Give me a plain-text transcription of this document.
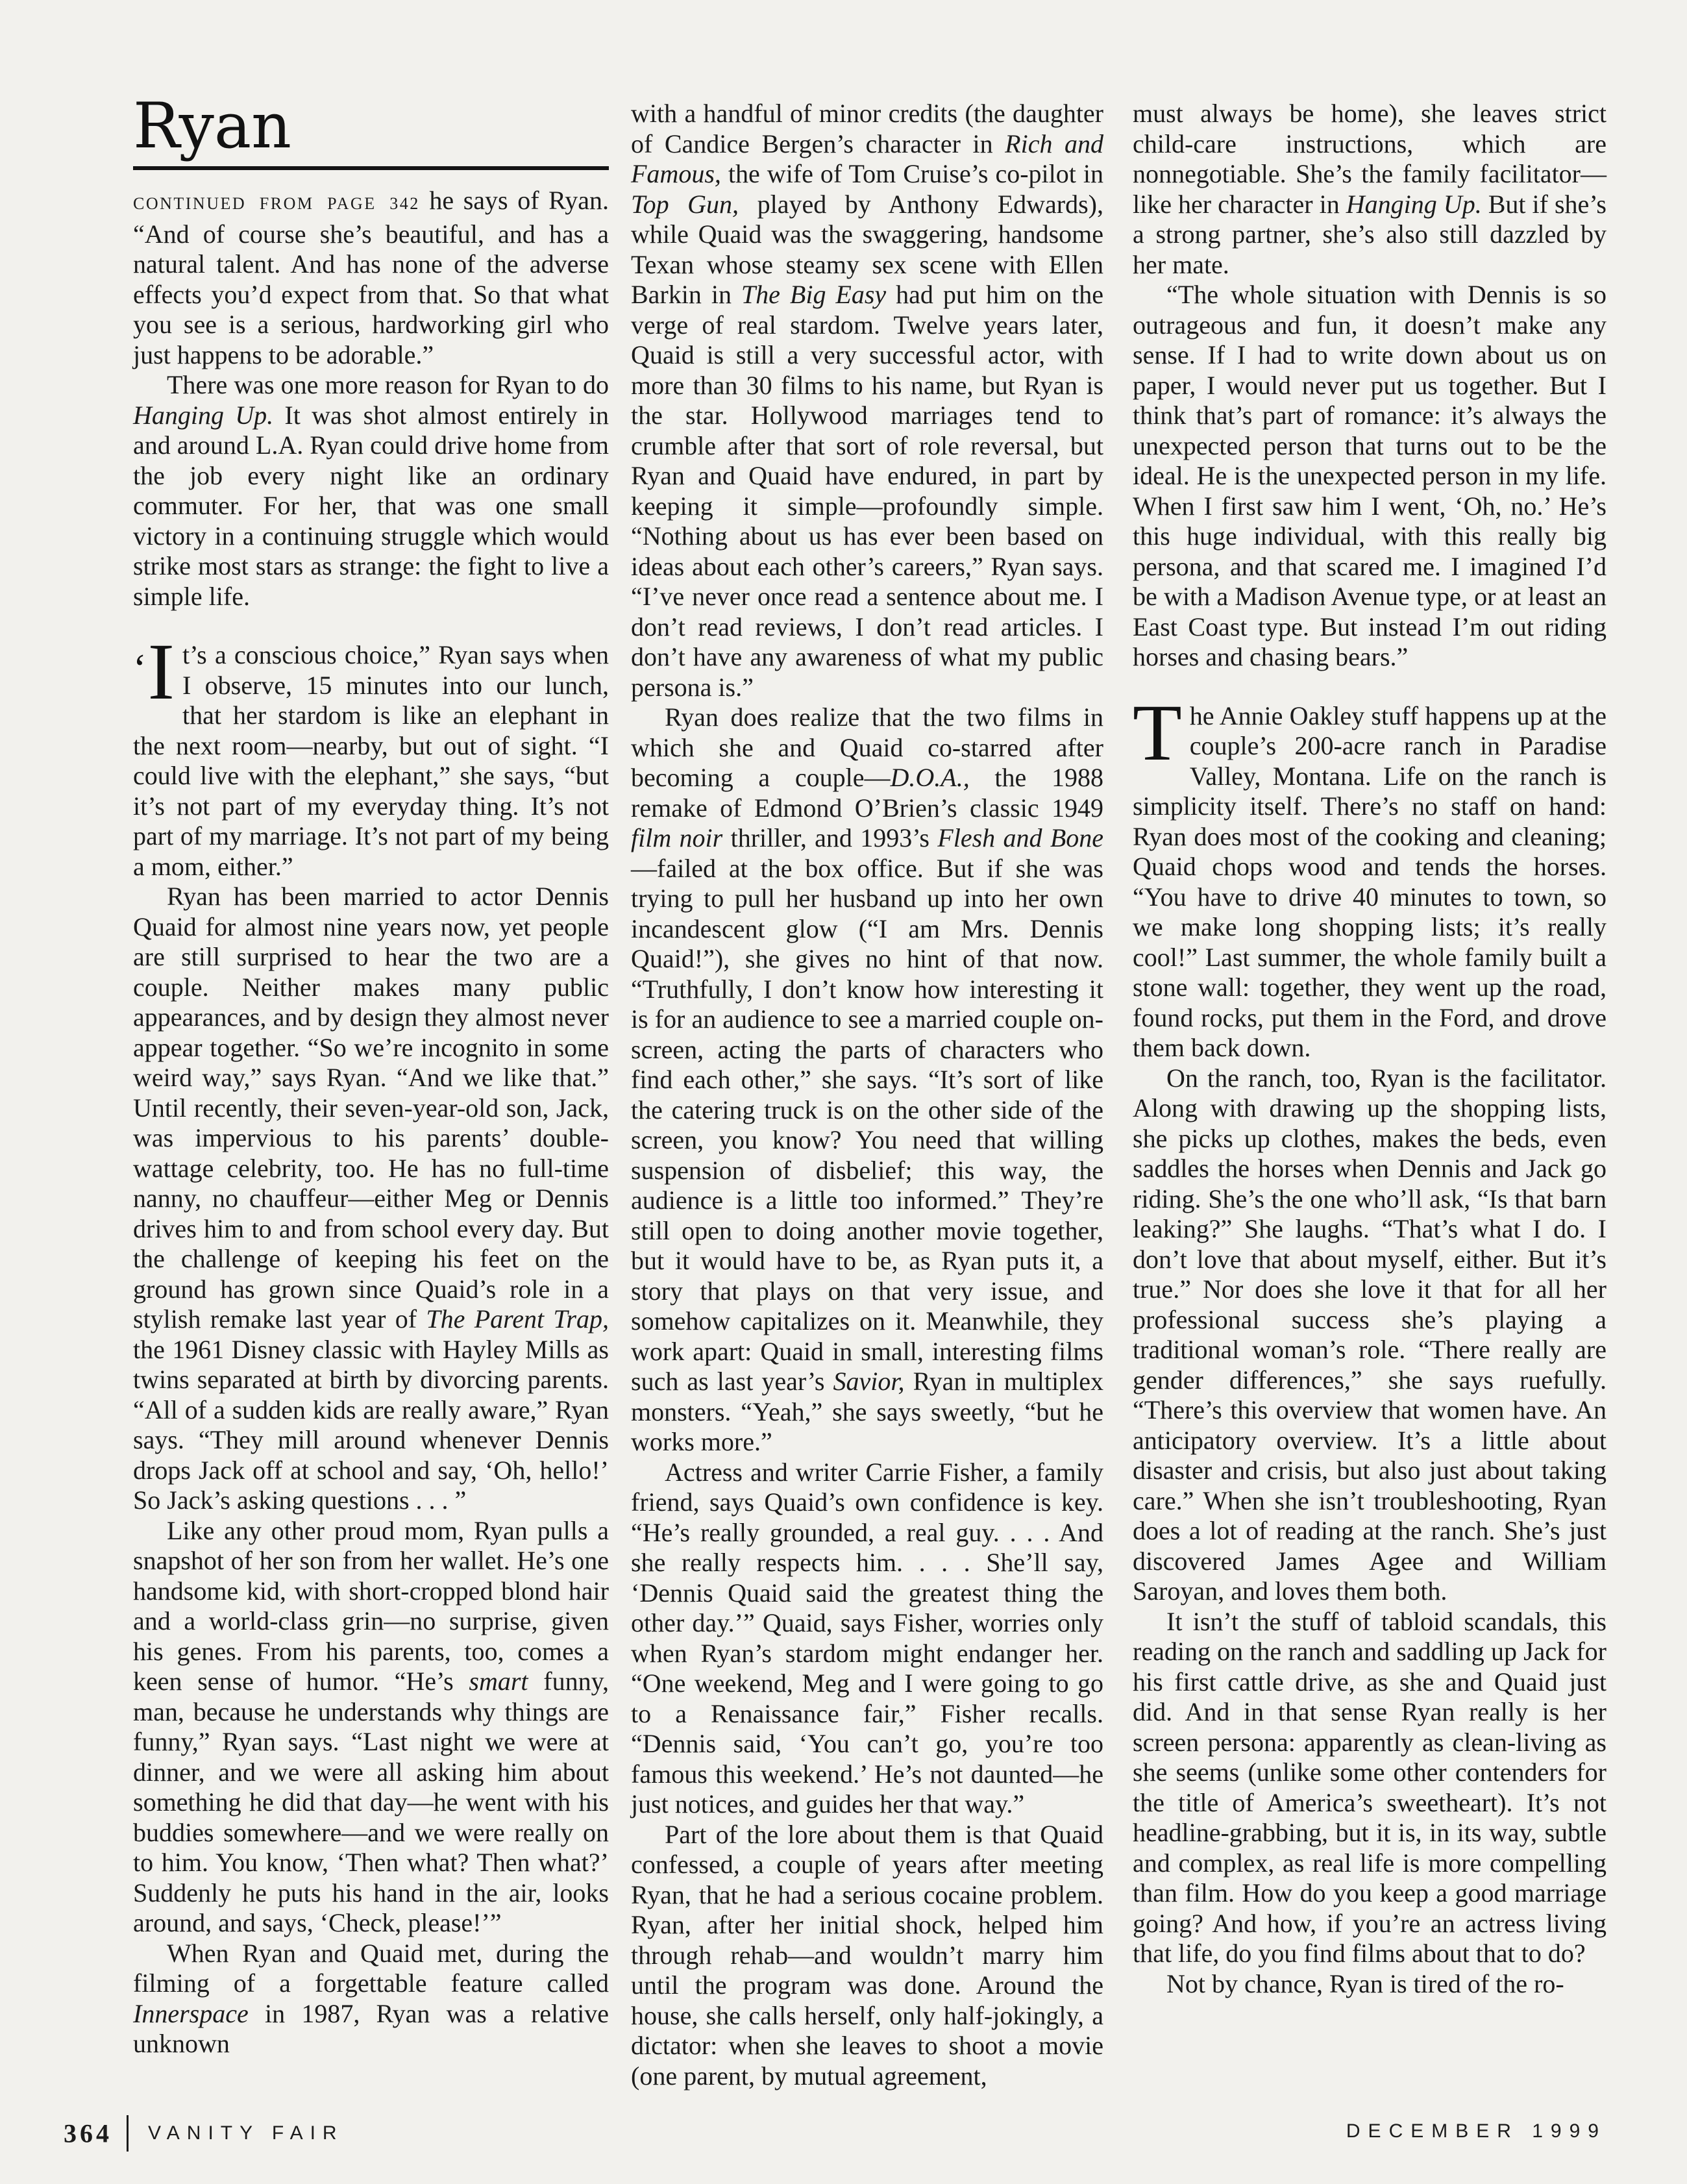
Ryan

CONTINUED FROM PAGE 342 he says of Ryan. “And of course she’s beautiful, and has a natural talent. And has none of the adverse effects you’d expect from that. So that what you see is a serious, hardworking girl who just happens to be adorable.”

There was one more reason for Ryan to do Hanging Up. It was shot almost entirely in and around L.A. Ryan could drive home from the job every night like an ordinary commuter. For her, that was one small victory in a continuing struggle which would strike most stars as strange: the fight to live a simple life.

‘I t’s a conscious choice,” Ryan says when I observe, 15 minutes into our lunch, that her stardom is like an elephant in the next room—nearby, but out of sight. “I could live with the elephant,” she says, “but it’s not part of my everyday thing. It’s not part of my marriage. It’s not part of my being a mom, either.”

Ryan has been married to actor Dennis Quaid for almost nine years now, yet people are still surprised to hear the two are a couple. Neither makes many public appearances, and by design they almost never appear together. “So we’re incognito in some weird way,” says Ryan. “And we like that.” Until recently, their seven-year-old son, Jack, was impervious to his parents’ double-wattage celebrity, too. He has no full-time nanny, no chauffeur—either Meg or Dennis drives him to and from school every day. But the challenge of keeping his feet on the ground has grown since Quaid’s role in a stylish remake last year of The Parent Trap, the 1961 Disney classic with Hayley Mills as twins separated at birth by divorcing parents. “All of a sudden kids are really aware,” Ryan says. “They mill around whenever Dennis drops Jack off at school and say, ‘Oh, hello!’ So Jack’s asking questions . . . ”

Like any other proud mom, Ryan pulls a snapshot of her son from her wallet. He’s one handsome kid, with short-cropped blond hair and a world-class grin—no surprise, given his genes. From his parents, too, comes a keen sense of humor. “He’s smart funny, man, because he understands why things are funny,” Ryan says. “Last night we were at dinner, and we were all asking him about something he did that day—he went with his buddies somewhere—and we were really on to him. You know, ‘Then what? Then what?’ Suddenly he puts his hand in the air, looks around, and says, ‘Check, please!’”

When Ryan and Quaid met, during the filming of a forgettable feature called Innerspace in 1987, Ryan was a relative unknown

with a handful of minor credits (the daughter of Candice Bergen’s character in Rich and Famous, the wife of Tom Cruise’s co-pilot in Top Gun, played by Anthony Edwards), while Quaid was the swaggering, handsome Texan whose steamy sex scene with Ellen Barkin in The Big Easy had put him on the verge of real stardom. Twelve years later, Quaid is still a very successful actor, with more than 30 films to his name, but Ryan is the star. Hollywood marriages tend to crumble after that sort of role reversal, but Ryan and Quaid have endured, in part by keeping it simple—profoundly simple. “Nothing about us has ever been based on ideas about each other’s careers,” Ryan says. “I’ve never once read a sentence about me. I don’t read reviews, I don’t read articles. I don’t have any awareness of what my public persona is.”

Ryan does realize that the two films in which she and Quaid co-starred after becoming a couple—D.O.A., the 1988 remake of Edmond O’Brien’s classic 1949 film noir thriller, and 1993’s Flesh and Bone—failed at the box office. But if she was trying to pull her husband up into her own incandescent glow (“I am Mrs. Dennis Quaid!”), she gives no hint of that now. “Truthfully, I don’t know how interesting it is for an audience to see a married couple on-screen, acting the parts of characters who find each other,” she says. “It’s sort of like the catering truck is on the other side of the screen, you know? You need that willing suspension of disbelief; this way, the audience is a little too informed.” They’re still open to doing another movie together, but it would have to be, as Ryan puts it, a story that plays on that very issue, and somehow capitalizes on it. Meanwhile, they work apart: Quaid in small, interesting films such as last year’s Savior, Ryan in multiplex monsters. “Yeah,” she says sweetly, “but he works more.”

Actress and writer Carrie Fisher, a family friend, says Quaid’s own confidence is key. “He’s really grounded, a real guy. . . . And she really respects him. . . . She’ll say, ‘Dennis Quaid said the greatest thing the other day.’” Quaid, says Fisher, worries only when Ryan’s stardom might endanger her. “One weekend, Meg and I were going to go to a Renaissance fair,” Fisher recalls. “Dennis said, ‘You can’t go, you’re too famous this weekend.’ He’s not daunted—he just notices, and guides her that way.”

Part of the lore about them is that Quaid confessed, a couple of years after meeting Ryan, that he had a serious cocaine problem. Ryan, after her initial shock, helped him through rehab—and wouldn’t marry him until the program was done. Around the house, she calls herself, only half-jokingly, a dictator: when she leaves to shoot a movie (one parent, by mutual agreement,

must always be home), she leaves strict child-care instructions, which are nonnegotiable. She’s the family facilitator—like her character in Hanging Up. But if she’s a strong partner, she’s also still dazzled by her mate.

“The whole situation with Dennis is so outrageous and fun, it doesn’t make any sense. If I had to write down about us on paper, I would never put us together. But I think that’s part of romance: it’s always the unexpected person that turns out to be the ideal. He is the unexpected person in my life. When I first saw him I went, ‘Oh, no.’ He’s this huge individual, with this really big persona, and that scared me. I imagined I’d be with a Madison Avenue type, or at least an East Coast type. But instead I’m out riding horses and chasing bears.”

The Annie Oakley stuff happens up at the couple’s 200-acre ranch in Paradise Valley, Montana. Life on the ranch is simplicity itself. There’s no staff on hand: Ryan does most of the cooking and cleaning; Quaid chops wood and tends the horses. “You have to drive 40 minutes to town, so we make long shopping lists; it’s really cool!” Last summer, the whole family built a stone wall: together, they went up the road, found rocks, put them in the Ford, and drove them back down.

On the ranch, too, Ryan is the facilitator. Along with drawing up the shopping lists, she picks up clothes, makes the beds, even saddles the horses when Dennis and Jack go riding. She’s the one who’ll ask, “Is that barn leaking?” She laughs. “That’s what I do. I don’t love that about myself, either. But it’s true.” Nor does she love it that for all her professional success she’s playing a traditional woman’s role. “There really are gender differences,” she says ruefully. “There’s this overview that women have. An anticipatory overview. It’s a little about disaster and crisis, but also just about taking care.” When she isn’t troubleshooting, Ryan does a lot of reading at the ranch. She’s just discovered James Agee and William Saroyan, and loves them both.

It isn’t the stuff of tabloid scandals, this reading on the ranch and saddling up Jack for his first cattle drive, as she and Quaid just did. And in that sense Ryan really is her screen persona: apparently as clean-living as she seems (unlike some other contenders for the title of America’s sweetheart). It’s not headline-grabbing, but it is, in its way, subtle and complex, as real life is more compelling than film. How do you keep a good marriage going? And how, if you’re an actress living that life, do you find films about that to do?

Not by chance, Ryan is tired of the ro-

364 VANITY FAIR	DECEMBER 1999
